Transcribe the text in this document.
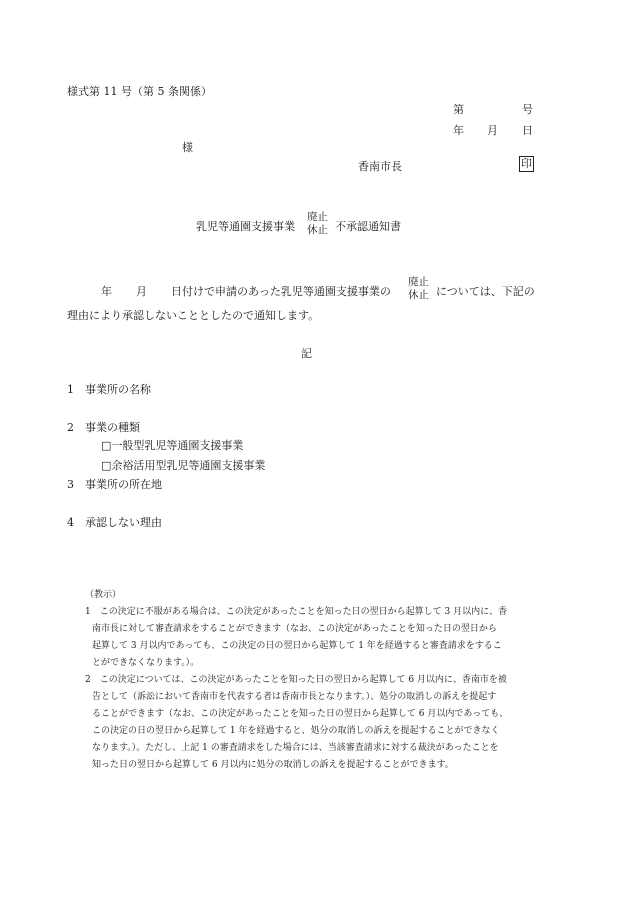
様式第 11 号（第 5 条関係）
第	号
年 月 日
様
香南市長	印
乳児等通園支援事業
廃止
休止 不承認通知書
年 月 日付けで申請のあった乳児等通園支援事業の
廃止
休止 については、下記の
理由により承認しないこととしたので通知します。
記
1　事業所の名称
2　事業の種類
□一般型乳児等通園支援事業
□余裕活用型乳児等通園支援事業
3　事業所の所在地
4　承認しない理由
（教示）
1　この決定に不服がある場合は、この決定があったことを知った日の翌日から起算して 3 月以内に、香
南市長に対して審査請求をすることができます（なお、この決定があったことを知った日の翌日から
起算して 3 月以内であっても、この決定の日の翌日から起算して 1 年を経過すると審査請求をするこ
とができなくなります。）。
2　この決定については、この決定があったことを知った日の翌日から起算して 6 月以内に、香南市を被
告として（訴訟において香南市を代表する者は香南市長となります。）、処分の取消しの訴えを提起す
ることができます（なお、この決定があったことを知った日の翌日から起算して 6 月以内であっても、
この決定の日の翌日から起算して 1 年を経過すると、処分の取消しの訴えを提起することができなく
なります。）。ただし、上記 1 の審査請求をした場合には、当該審査請求に対する裁決があったことを
知った日の翌日から起算して 6 月以内に処分の取消しの訴えを提起することができます。
